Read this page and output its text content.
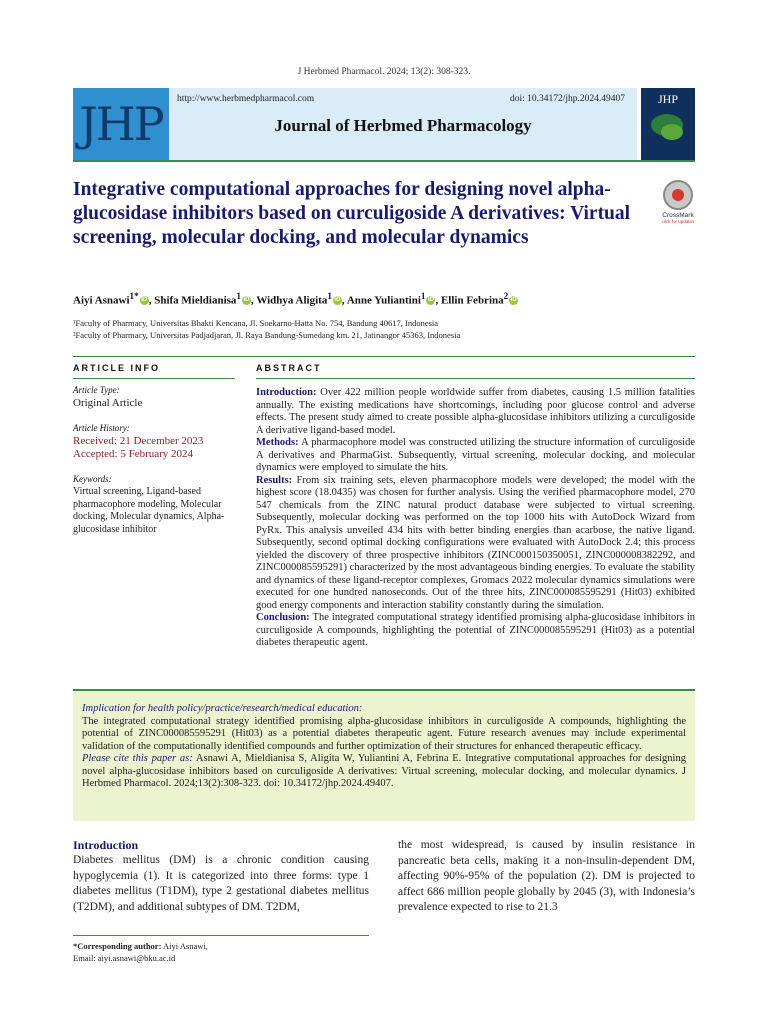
J Herbmed Pharmacol. 2024; 13(2): 308-323.
JHP http://www.herbmedpharmacol.com	doi: 10.34172/jhp.2024.49407
Journal of Herbmed Pharmacology
JHP
Integrative computational approaches for designing novel alpha-glucosidase inhibitors based on curculigoside A derivatives: Virtual screening, molecular docking, and molecular dynamics
CrossMark
click for updates
Aiyi Asnawi$^{1*}$ iD , Shifa Mieldianisa$^1$ iD , Widhya Aligita$^1$ iD , Anne Yuliantini$^1$ iD , Ellin Febrina$^2$ iD
¹Faculty of Pharmacy, Universitas Bhakti Kencana, Jl. Soekarno-Hatta No. 754, Bandung 40617, Indonesia
²Faculty of Pharmacy, Universitas Padjadjaran, Jl. Raya Bandung-Sumedang km. 21, Jatinangor 45363, Indonesia
ARTICLE INFO	ABSTRACT
Article Type:
Original Article
Article History:
Received: 21 December 2023
Accepted: 5 February 2024
Keywords:
Virtual screening, Ligand-based pharmacophore modeling, Molecular docking, Molecular dynamics, Alpha-glucosidase inhibitor
Introduction: Over 422 million people worldwide suffer from diabetes, causing 1.5 million fatalities annually. The existing medications have shortcomings, including poor glucose control and adverse effects. The present study aimed to create possible alpha-glucosidase inhibitors utilizing a curculigoside A derivative ligand-based model.
Methods: A pharmacophore model was constructed utilizing the structure information of curculigoside A derivatives and PharmaGist. Subsequently, virtual screening, molecular docking, and molecular dynamics were employed to simulate the hits.
Results: From six training sets, eleven pharmacophore models were developed; the model with the highest score (18.0435) was chosen for further analysis. Using the verified pharmacophore model, 270 547 chemicals from the ZINC natural product database were subjected to virtual screening. Subsequently, molecular docking was performed on the top 1000 hits with AutoDock Wizard from PyRx. This analysis unveiled 434 hits with better binding energies than acarbose, the native ligand. Subsequently, second optimal docking configurations were evaluated with AutoDock 2.4; this process yielded the discovery of three prospective inhibitors (ZINC000150350051, ZINC000008382292, and ZINC000085595291) characterized by the most advantageous binding energies. To evaluate the stability and dynamics of these ligand-receptor complexes, Gromacs 2022 molecular dynamics simulations were executed for one hundred nanoseconds. Out of the three hits, ZINC000085595291 (Hit03) exhibited good energy components and interaction stability constantly during the simulation.
Conclusion: The integrated computational strategy identified promising alpha-glucosidase inhibitors in curculigoside A compounds, highlighting the potential of ZINC000085595291 (Hit03) as a potential diabetes therapeutic agent.
Implication for health policy/practice/research/medical education:
The integrated computational strategy identified promising alpha-glucosidase inhibitors in curculigoside A compounds, highlighting the potential of ZINC000085595291 (Hit03) as a potential diabetes therapeutic agent. Future research avenues may include experimental validation of the computationally identified compounds and further optimization of their structures for enhanced therapeutic efficacy.
Please cite this paper as: Asnawi A, Mieldianisa S, Aligita W, Yuliantini A, Febrina E. Integrative computational approaches for designing novel alpha-glucosidase inhibitors based on curculigoside A derivatives: Virtual screening, molecular docking, and molecular dynamics. J Herbmed Pharmacol. 2024;13(2):308-323. doi: 10.34172/jhp.2024.49407.
Introduction
Diabetes mellitus (DM) is a chronic condition causing hypoglycemia (1). It is categorized into three forms: type 1 diabetes mellitus (T1DM), type 2 gestational diabetes mellitus (T2DM), and additional subtypes of DM. T2DM,
the most widespread, is caused by insulin resistance in pancreatic beta cells, making it a non-insulin-dependent DM, affecting 90%-95% of the population (2). DM is projected to affect 686 million people globally by 2045 (3), with Indonesia’s prevalence expected to rise to 21.3
*Corresponding author: Aiyi Asnawi,
Email: aiyi.asnawi@bku.ac.id
